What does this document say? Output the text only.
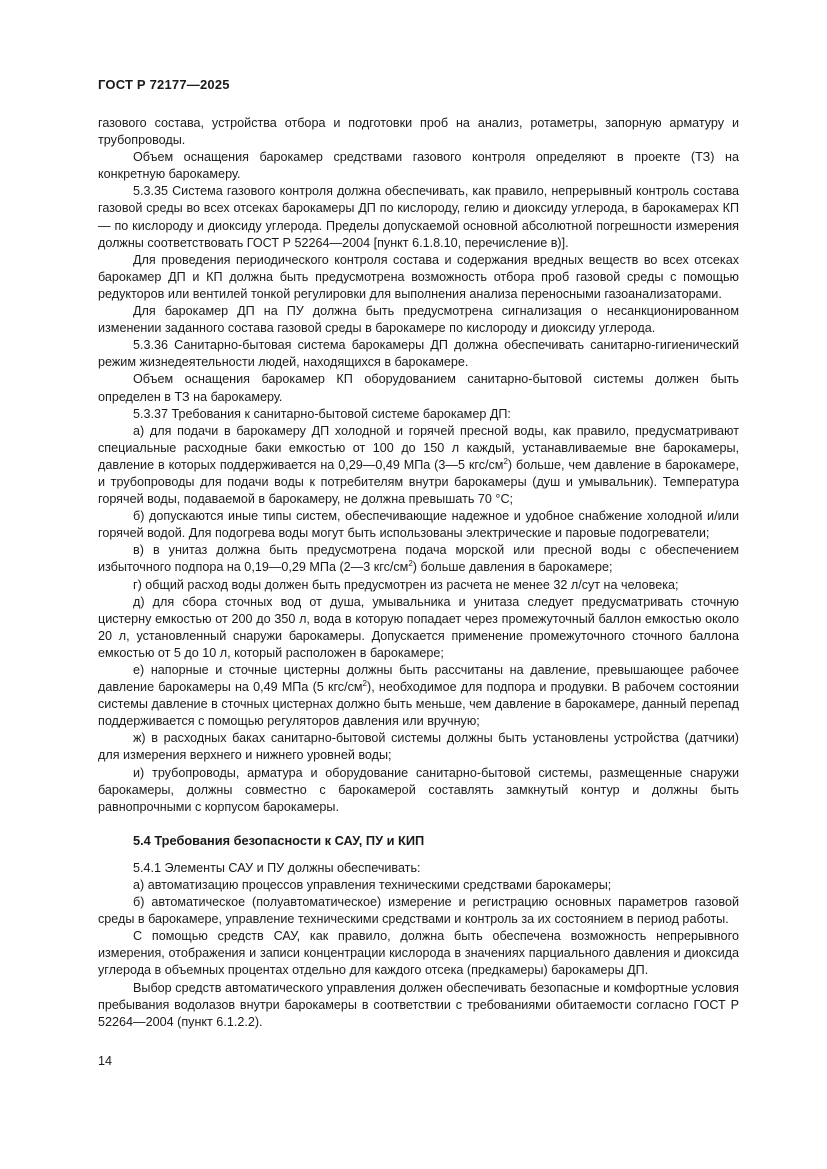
ГОСТ Р 72177—2025

газового состава, устройства отбора и подготовки проб на анализ, ротаметры, запорную арматуру и трубопроводы.

Объем оснащения барокамер средствами газового контроля определяют в проекте (ТЗ) на конкретную барокамеру.

5.3.35 Система газового контроля должна обеспечивать, как правило, непрерывный контроль состава газовой среды во всех отсеках барокамеры ДП по кислороду, гелию и диоксиду углерода, в барокамерах КП — по кислороду и диоксиду углерода. Пределы допускаемой основной абсолютной погрешности измерения должны соответствовать ГОСТ Р 52264—2004 [пункт 6.1.8.10, перечисление в)].

Для проведения периодического контроля состава и содержания вредных веществ во всех отсеках барокамер ДП и КП должна быть предусмотрена возможность отбора проб газовой среды с помощью редукторов или вентилей тонкой регулировки для выполнения анализа переносными газоанализаторами.

Для барокамер ДП на ПУ должна быть предусмотрена сигнализация о несанкционированном изменении заданного состава газовой среды в барокамере по кислороду и диоксиду углерода.

5.3.36 Санитарно-бытовая система барокамеры ДП должна обеспечивать санитарно-гигиенический режим жизнедеятельности людей, находящихся в барокамере.

Объем оснащения барокамер КП оборудованием санитарно-бытовой системы должен быть определен в ТЗ на барокамеру.

5.3.37 Требования к санитарно-бытовой системе барокамер ДП:

а) для подачи в барокамеру ДП холодной и горячей пресной воды, как правило, предусматривают специальные расходные баки емкостью от 100 до 150 л каждый, устанавливаемые вне барокамеры, давление в которых поддерживается на 0,29—0,49 МПа (3—5 кгс/$см^2$) больше, чем давление в барокамере, и трубопроводы для подачи воды к потребителям внутри барокамеры (душ и умывальник). Температура горячей воды, подаваемой в барокамеру, не должна превышать 70 °С;

б) допускаются иные типы систем, обеспечивающие надежное и удобное снабжение холодной и/или горячей водой. Для подогрева воды могут быть использованы электрические и паровые подогреватели;

в) в унитаз должна быть предусмотрена подача морской или пресной воды с обеспечением избыточного подпора на 0,19—0,29 МПа (2—3 кгс/$см^2$) больше давления в барокамере;

г) общий расход воды должен быть предусмотрен из расчета не менее 32 л/сут на человека;

д) для сбора сточных вод от душа, умывальника и унитаза следует предусматривать сточную цистерну емкостью от 200 до 350 л, вода в которую попадает через промежуточный баллон емкостью около 20 л, установленный снаружи барокамеры. Допускается применение промежуточного сточного баллона емкостью от 5 до 10 л, который расположен в барокамере;

е) напорные и сточные цистерны должны быть рассчитаны на давление, превышающее рабочее давление барокамеры на 0,49 МПа (5 кгс/$см^2$), необходимое для подпора и продувки. В рабочем состоянии системы давление в сточных цистернах должно быть меньше, чем давление в барокамере, данный перепад поддерживается с помощью регуляторов давления или вручную;

ж) в расходных баках санитарно-бытовой системы должны быть установлены устройства (датчики) для измерения верхнего и нижнего уровней воды;

и) трубопроводы, арматура и оборудование санитарно-бытовой системы, размещенные снаружи барокамеры, должны совместно с барокамерой составлять замкнутый контур и должны быть равнопрочными с корпусом барокамеры.

5.4 Требования безопасности к САУ, ПУ и КИП

5.4.1 Элементы САУ и ПУ должны обеспечивать:

а) автоматизацию процессов управления техническими средствами барокамеры;

б) автоматическое (полуавтоматическое) измерение и регистрацию основных параметров газовой среды в барокамере, управление техническими средствами и контроль за их состоянием в период работы.

С помощью средств САУ, как правило, должна быть обеспечена возможность непрерывного измерения, отображения и записи концентрации кислорода в значениях парциального давления и диоксида углерода в объемных процентах отдельно для каждого отсека (предкамеры) барокамеры ДП.

Выбор средств автоматического управления должен обеспечивать безопасные и комфортные условия пребывания водолазов внутри барокамеры в соответствии с требованиями обитаемости согласно ГОСТ Р 52264—2004 (пункт 6.1.2.2).

14
